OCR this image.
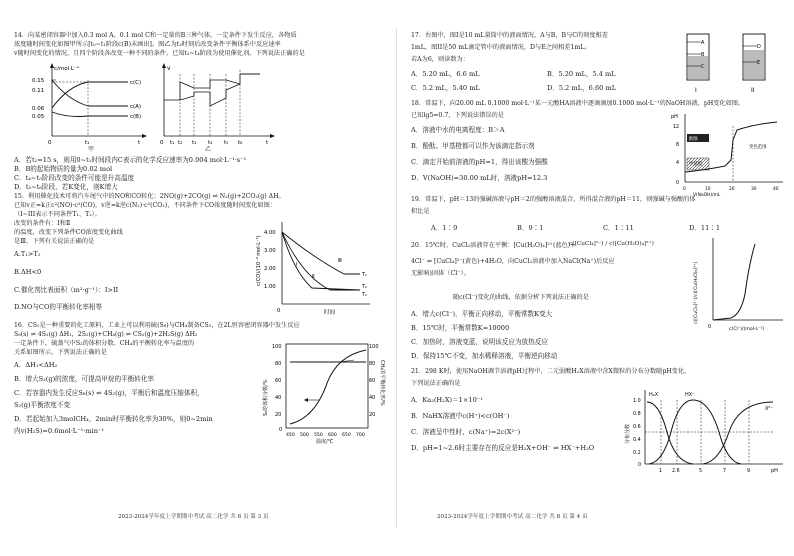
14．向某密闭容器中加入0.3 mol A、0.1 mol C和一定量的B三种气体，一定条件下发生反应，各物质
浓度随时间变化如图甲所示[t₀~t₁阶段c(B)未画出]。图乙为t₂时刻后改变条件平衡体系中反应速率
v随时间变化的情况，且四个阶段各改变一种不同的条件。已知t₃~t₄阶段为使用催化剂。下列说法正确的是
c/mol·L⁻¹
0.15
0.11
0.06
0.05
c(C)
c(A)
c(B)
0	t₁	t
甲
v
0 t₁ t₂ t₃ t₄ t₅ t₆	t
乙
A．若t₁=15 s，则用0~t₁时间段内C表示的化学反应速率为0.004 mol·L⁻¹·s⁻¹
B．B的起始物质的量为0.02 mol
C．t₄~t₅阶段改变的条件可能是升高温度
D．t₅~t₆阶段，若K变化，则K增大
15．利用催化技术可将汽车尾气中的NO和CO转化：2NO(g)+2CO(g) ⇌ N₂(g)+2CO₂(g) ΔH。
已知v正=k正c²(NO)·c²(CO)，v逆=k逆c(N₂)·c²(CO₂)，不同条件下CO浓度随时间变化如图：
（I~III表示不同条件T₁、T₂）。
改变的条件有：Ⅰ和Ⅱ
的温度，改变下列条件CO浓度变化曲线
是Ⅲ，下列有关说法正确的是
A.T₁>T₂
B.ΔH<0
C.催化剂比表面积（m²·g⁻¹）：I>II
D.NO与CO的平衡转化率相等
c(CO)/(10⁻³ mol·L⁻¹)
4.00
3.00
2.00
1.00
Ⅰ
Ⅱ
Ⅲ
T₁
T₂
T₁
0	时间
16．CS₂是一种重要的化工原料，工业上可以利用硫(S₈)与CH₄制备CS₂，在2L恒容密闭容器中发生反应
S₈(s) ⇌ 4S₂(g) ΔH₁，2S₂(g)+CH₄(g) ⇌ CS₂(g)+2H₂S(g) ΔH₂
一定条件下，硫蒸气中S₂的体积分数、CH₄的平衡转化率与温度的
关系如图所示，下列说法正确的是
A．ΔH₁<ΔH₂
B．增大S₂(g)的浓度，可提高甲烷的平衡转化率
C．若容器内发生反应S₈(s) ⇌ 4S₂(g)，平衡后和温度压缩体积，
S₂(g)平衡浓度不变
D．若起始加入3molCH₄，2min时平衡转化率为30%，则0~2min
内v(H₂S)=0.6mol·L⁻¹·min⁻¹
S₂的体积分数/%	CH₄的平衡转化率/%
100
80
60
40
20
0
100
80
60
40
20
450 500 550 600 650 700
温度/℃
2023-2024学年度上学期期中考试 高二化学 共 8 页 第 3 页
17．右图中，图I是10 mL量筒中的液面情况，A与B，B与C的刻度相差
1mL，图II是50 mL滴定管中的液面情况，D与E之间相差1mL。
若A为6，则读数为：
A．5.20 mL，6.6 mL	B．5.20 mL，5.4 mL
C．5.2 mL，5.40 mL	D．5.2 mL，6.60 mL
A
B
C
I
D
E
II
18．常温下，向20.00 mL 0.1000 mol·L⁻¹某一元酸HA溶液中逐滴滴加0.1000 mol·L⁻¹的NaOH溶液，pH变化如图。
已知lg5=0.7，下列说法错误的是
A．溶液中水的电离程度：B＞A
B．酚酞、甲基橙都可以作为该滴定指示剂
C．滴定开始前溶液的pH=1，得出该酸为强酸
D．V(NaOH)=30.00 mL时，溶液pH=12.3
pH
12
8
4
0
酚酞
甲基橙
变色范围
0	10	20	30	40
V(NaOH)/mL
19．常温下，pH＝13的强碱溶液与pH＝2的强酸溶液混合，所得混合液的pH＝11，则强碱与强酸的体
积比是
A．1∶9	B．9∶1	C．1∶11	D．11∶1
20．15℃时，CuCl₂溶液存在平衡：[Cu(H₂O)₄]²⁺(蓝色)+
c([CuCl₄]²⁻) / c([Cu(H₂O)₄]²⁺)
4Cl⁻ ⇌ [CuCl₄]²⁻(黄色)+4H₂O，向CuCl₂溶液中加入NaCl(Na⁺)后反应
无影响)固体（Cl⁻）。
随c(Cl⁻)变化的曲线，依据分析下列说法正确的是
A．增大c(Cl⁻)，平衡正向移动，平衡常数K变大
B．15℃时，平衡常数K=10000
C．加热时，溶液变蓝，说明该反应为放热反应
D．保持15℃不变，加水稀释溶液，平衡逆向移动
c([CuCl₄]²⁻)/c([Cu(H₂O)₄]²⁺)
0	c(Cl⁻)/(mol·L⁻¹)
21．298 K时，使用NaOH调节溶液pH过程中，二元弱酸H₂X溶液中含X微粒的分布分数随pH变化，
下列说法正确的是
A．Ka₂(H₂X)＝1×10⁻¹
B．NaHX溶液中c(H⁺)<c(OH⁻)
C．溶液呈中性时，c(Na⁺)=2c(X²⁻)
D．pH=1~2.6时主要存在的反应是H₂X+OH⁻ ⇌ HX⁻+H₂O
分布分数
1.0
0.8
0.6
0.4
0.2
0
H₂X	HX⁻
X²⁻
1 2.6	5	7	9	pH
2023-2024学年度上学期期中考试 高二化学 共 8 页 第 4 页
